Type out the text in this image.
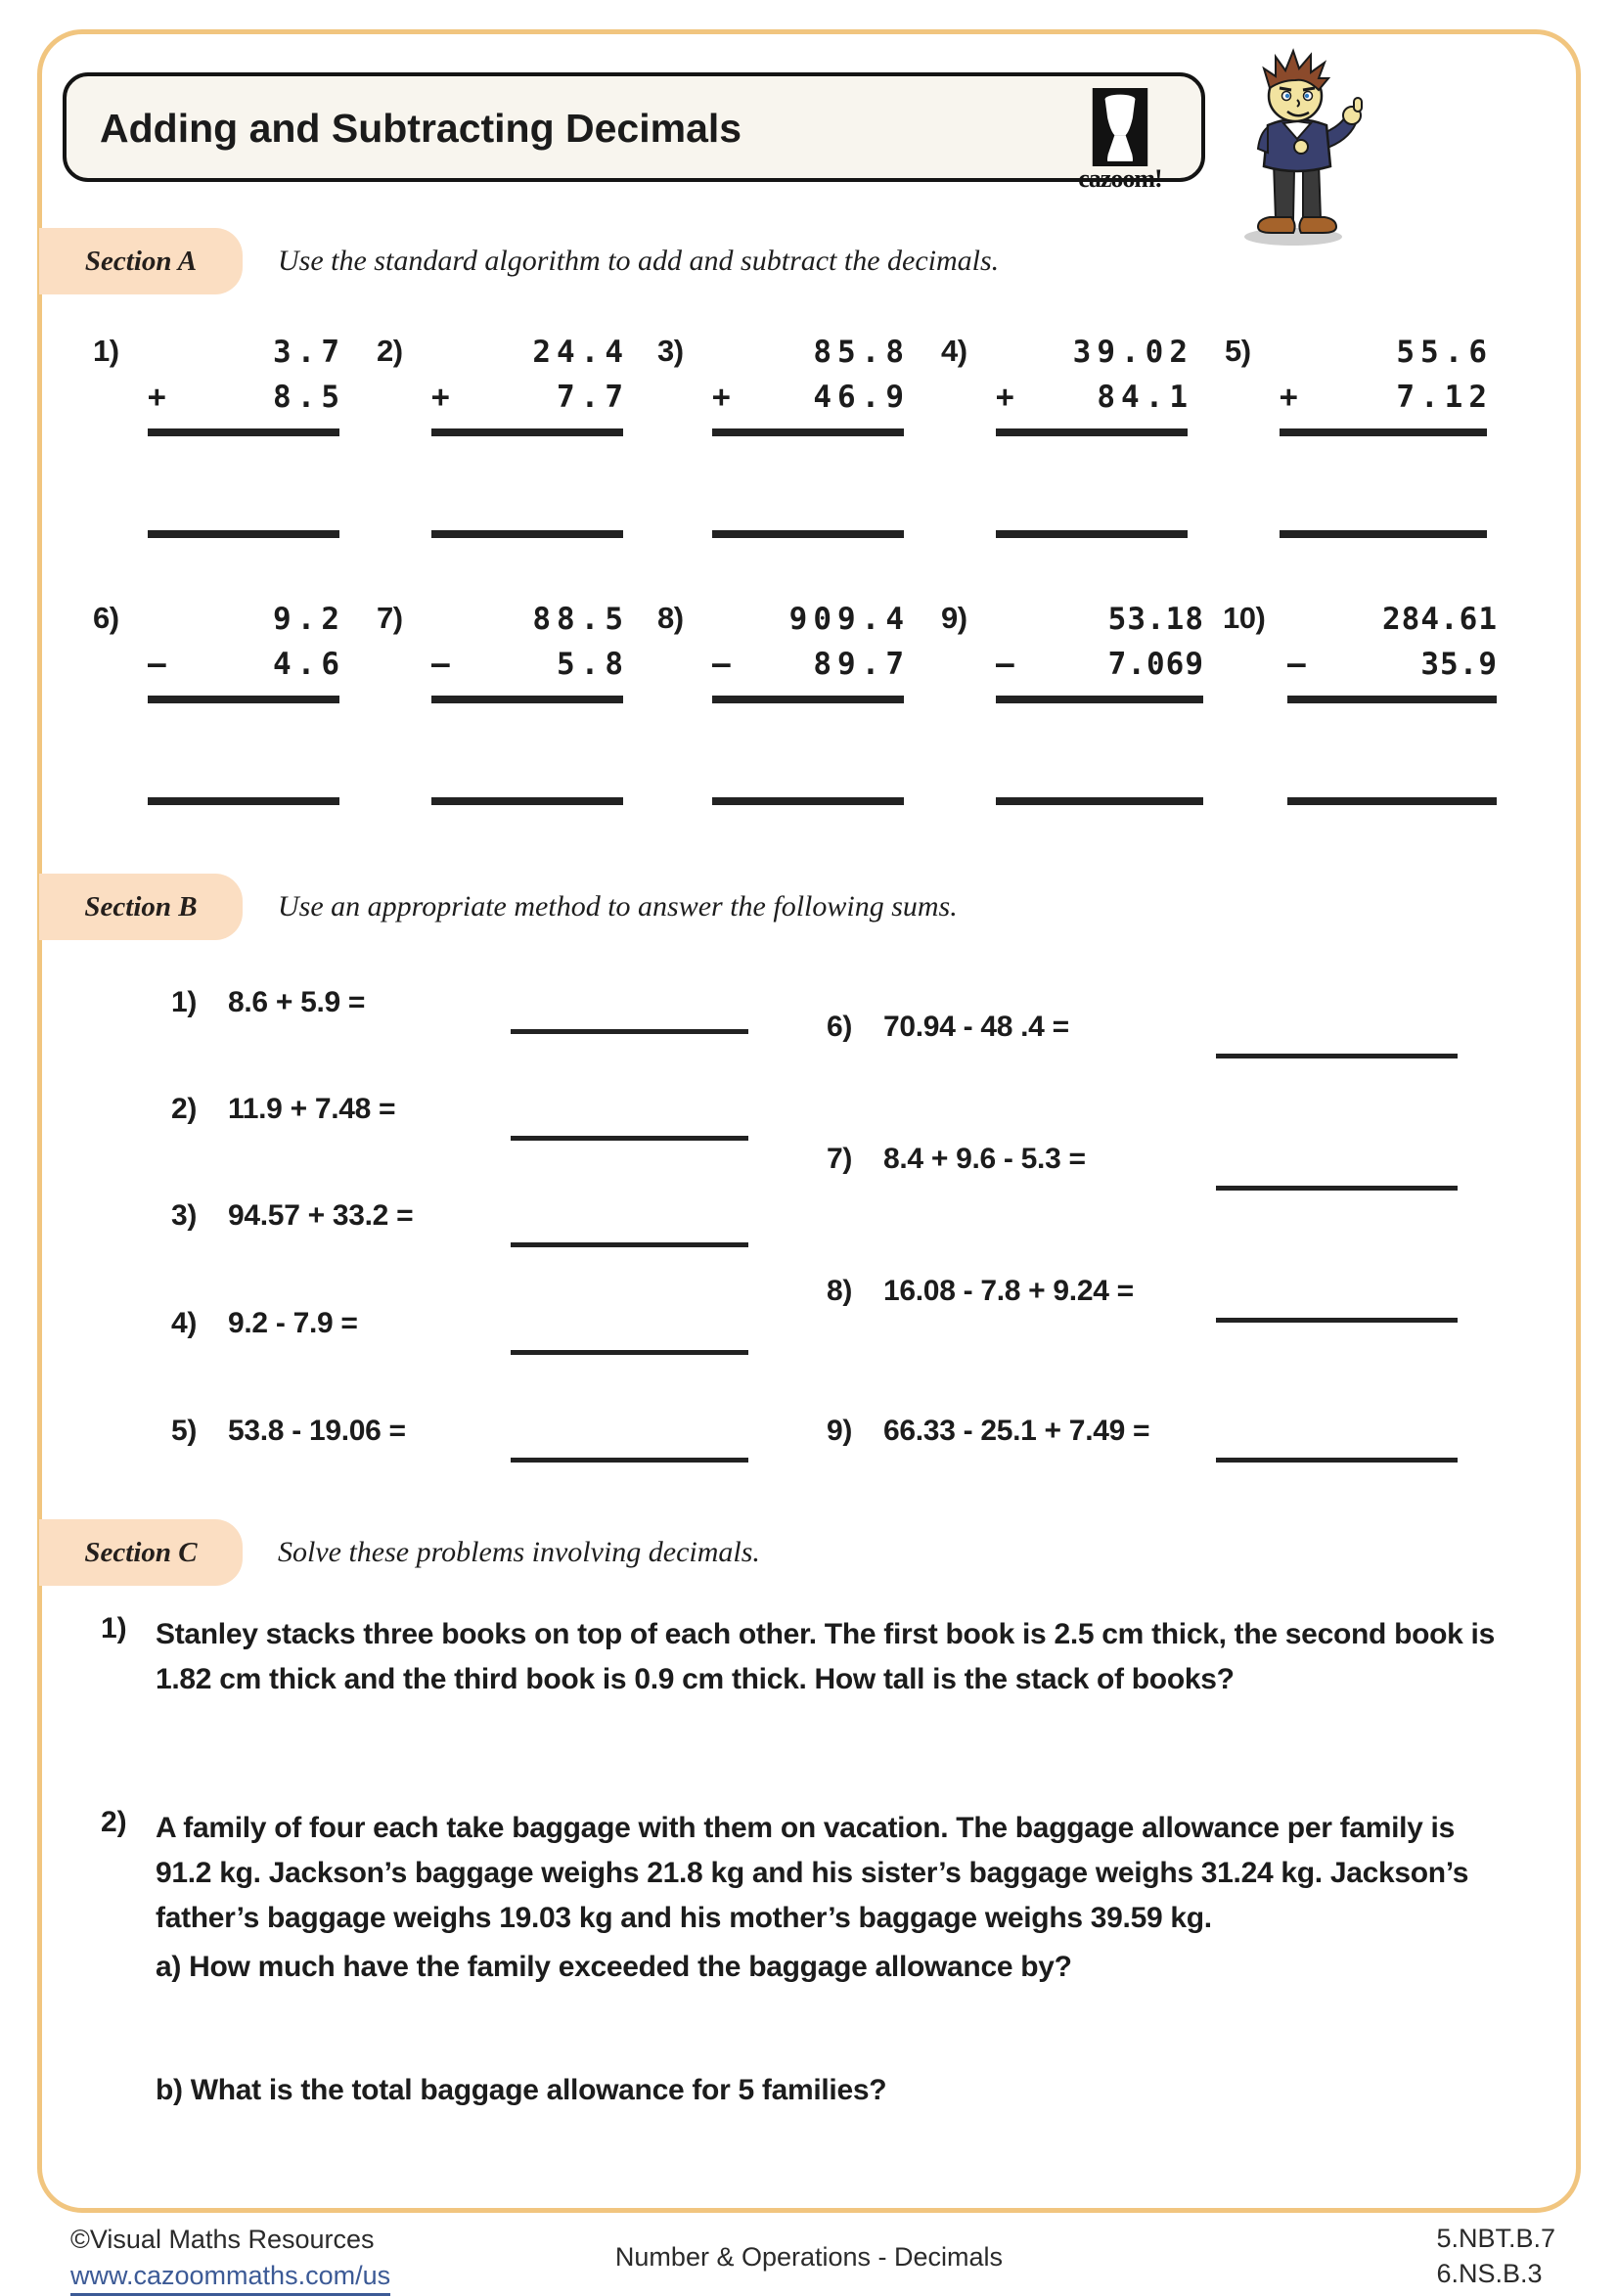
Adding and Subtracting Decimals
cazoom!
Section A	Use the standard algorithm to add and subtract the decimals.
1)	3.7
+	8.5
2)	24.4
+	7.7
3)	85.8
+	46.9
4)	39.02
+	84.1
5)	55.6
+	7.12
6)	9.2
–	4.6
7)	88.5
–	5.8
8)	909.4
–	89.7
9)	53.18
–	7.069
10)	284.61
–	35.9
Section B	Use an appropriate method to answer the following sums.
1) 8.6 + 5.9 =
2) 11.9 + 7.48 =
3) 94.57 + 33.2 =
4) 9.2 - 7.9 =
5) 53.8 - 19.06 =
6) 70.94 - 48 .4 =
7) 8.4 + 9.6 - 5.3 =
8) 16.08 - 7.8 + 9.24 =
9) 66.33 - 25.1 + 7.49 =
Section C	Solve these problems involving decimals.
1) Stanley stacks three books on top of each other. The first book is 2.5 cm thick, the second book is 1.82 cm thick and the third book is 0.9 cm thick. How tall is the stack of books?
2) A family of four each take baggage with them on vacation. The baggage allowance per family is 91.2 kg. Jackson’s baggage weighs 21.8 kg and his sister’s baggage weighs 31.24 kg. Jackson’s father’s baggage weighs 19.03 kg and his mother’s baggage weighs 39.59 kg.
a) How much have the family exceeded the baggage allowance by?
b) What is the total baggage allowance for 5 families?
©Visual Maths Resources
www.cazoommaths.com/us
Number & Operations - Decimals
5.NBT.B.7
6.NS.B.3
